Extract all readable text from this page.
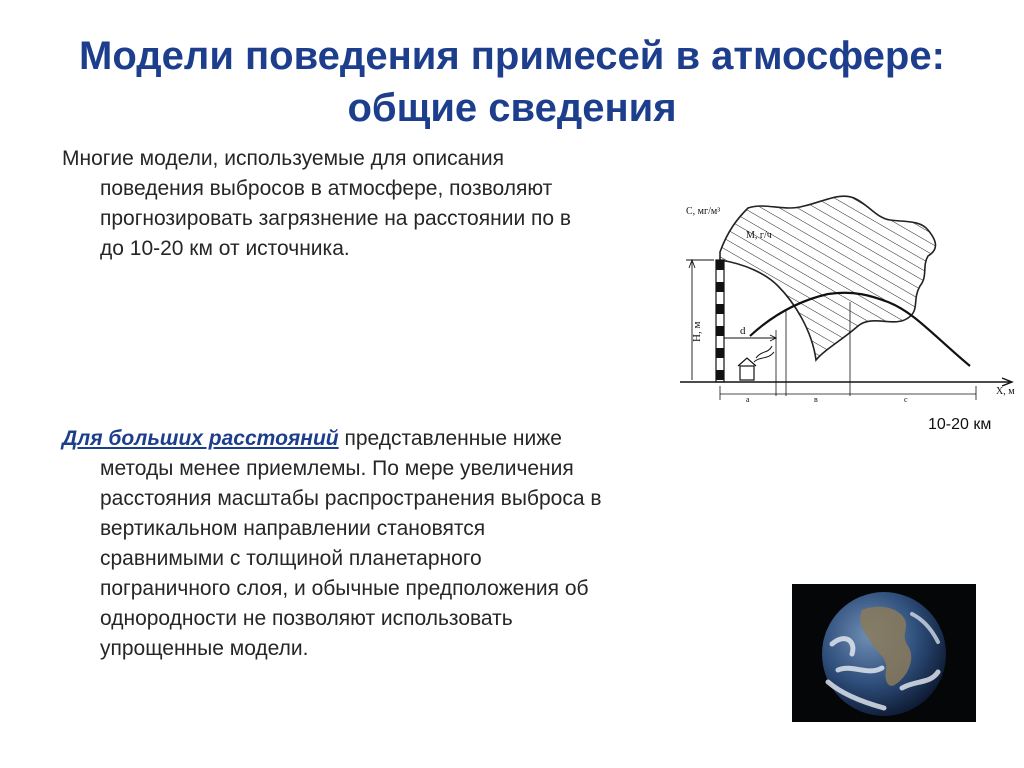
Модели поведения примесей в атмосфере:
общие сведения
Многие модели, используемые для описания
поведения выбросов в атмосфере, позволяют
прогнозировать загрязнение на расстоянии по в
до 10-20 км от источника.
С, мг/м³
М, г/ч
Н, м	d
Х, м
а	в	с
10-20 км
Для больших расстояний представленные ниже
методы менее приемлемы. По мере увеличения
расстояния масштабы распространения выброса в
вертикальном направлении становятся
сравнимыми с толщиной планетарного
пограничного слоя, и обычные предположения об
однородности не позволяют использовать
упрощенные модели.
